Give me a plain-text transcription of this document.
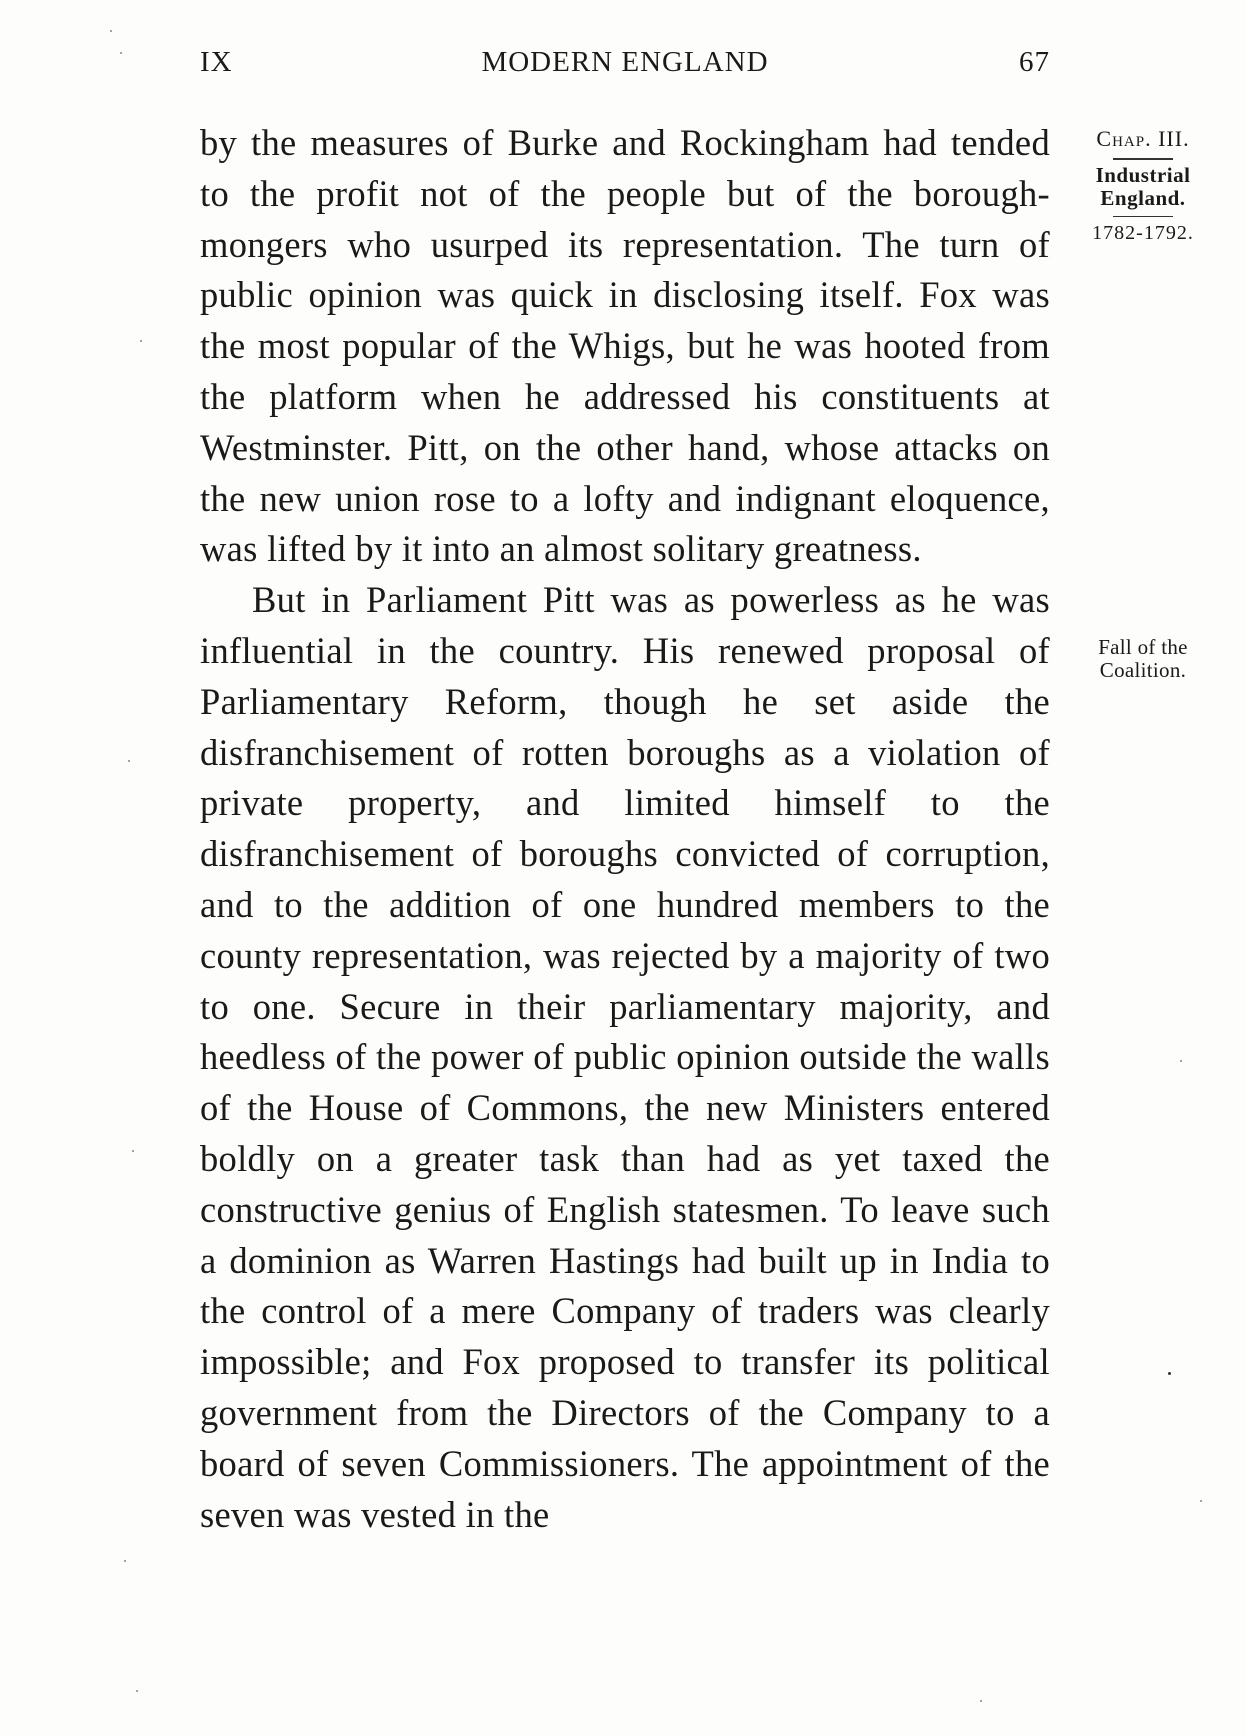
IX	MODERN ENGLAND	67

by the measures of Burke and Rockingham had tended to the profit not of the people but of the borough-mongers who usurped its representation. The turn of public opinion was quick in disclosing itself. Fox was the most popular of the Whigs, but he was hooted from the platform when he addressed his constituents at Westminster. Pitt, on the other hand, whose attacks on the new union rose to a lofty and indignant eloquence, was lifted by it into an almost solitary greatness.

But in Parliament Pitt was as powerless as he was influential in the country. His renewed proposal of Parliamentary Reform, though he set aside the disfranchisement of rotten boroughs as a violation of private property, and limited himself to the disfranchisement of boroughs convicted of corruption, and to the addition of one hundred members to the county representation, was rejected by a majority of two to one. Secure in their parliamentary majority, and heedless of the power of public opinion outside the walls of the House of Commons, the new Ministers entered boldly on a greater task than had as yet taxed the constructive genius of English statesmen. To leave such a dominion as Warren Hastings had built up in India to the control of a mere Company of traders was clearly impossible; and Fox proposed to transfer its political government from the Directors of the Company to a board of seven Commissioners. The appointment of the seven was vested in the

Chap. III.
Industrial England.
1782-1792.
Fall of the Coalition.
